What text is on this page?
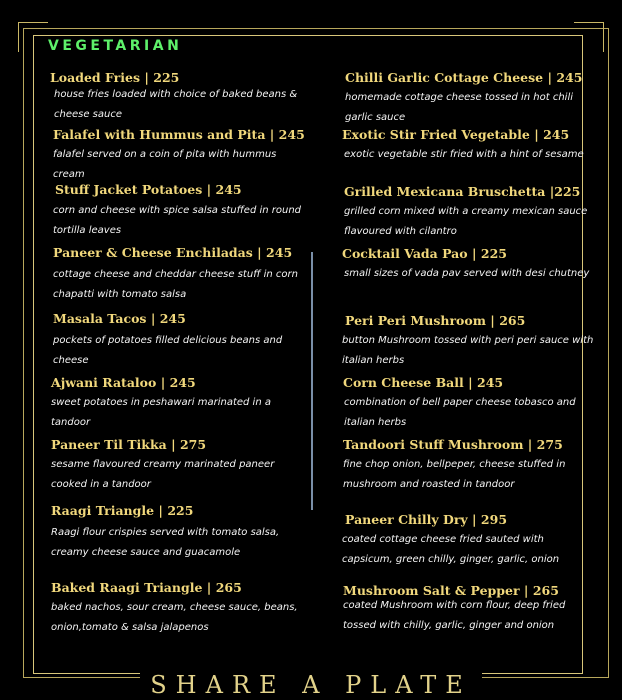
VEGETARIAN
Loaded Fries | 225
house fries loaded with choice of baked beans & cheese sauce
Falafel with Hummus and Pita | 245
falafel served on a coin of pita with hummus cream
Stuff Jacket Potatoes | 245
corn and cheese with spice salsa stuffed in round tortilla leaves
Paneer & Cheese Enchiladas | 245
cottage cheese and cheddar cheese stuff in corn chapatti with tomato salsa
Masala Tacos | 245
pockets of potatoes filled delicious beans and cheese
Ajwani Rataloo | 245
sweet potatoes in peshawari marinated in a tandoor
Paneer Til Tikka | 275
sesame flavoured creamy marinated paneer cooked in a tandoor
Raagi Triangle | 225
Raagi flour crispies served with tomato salsa, creamy cheese sauce and guacamole
Baked Raagi Triangle | 265
baked nachos, sour cream, cheese sauce, beans, onion,tomato & salsa jalapenos
Chilli Garlic Cottage Cheese | 245
homemade cottage cheese tossed in hot chili garlic sauce
Exotic Stir Fried Vegetable | 245
exotic vegetable stir fried with a hint of sesame
Grilled Mexicana Bruschetta |225
grilled corn mixed with a creamy mexican sauce flavoured with cilantro
Cocktail Vada Pao | 225
small sizes of vada pav served with desi chutney
Peri Peri Mushroom | 265
button Mushroom tossed with peri peri sauce with italian herbs
Corn Cheese Ball | 245
combination of bell paper cheese tobasco and italian herbs
Tandoori Stuff Mushroom | 275
fine chop onion, bellpeper, cheese stuffed in mushroom and roasted in tandoor
Paneer Chilly Dry | 295
coated cottage cheese fried sauted with capsicum, green chilly, ginger, garlic, onion
Mushroom Salt & Pepper | 265
coated Mushroom with corn flour, deep fried tossed with chilly, garlic, ginger and onion
SHARE A PLATE
